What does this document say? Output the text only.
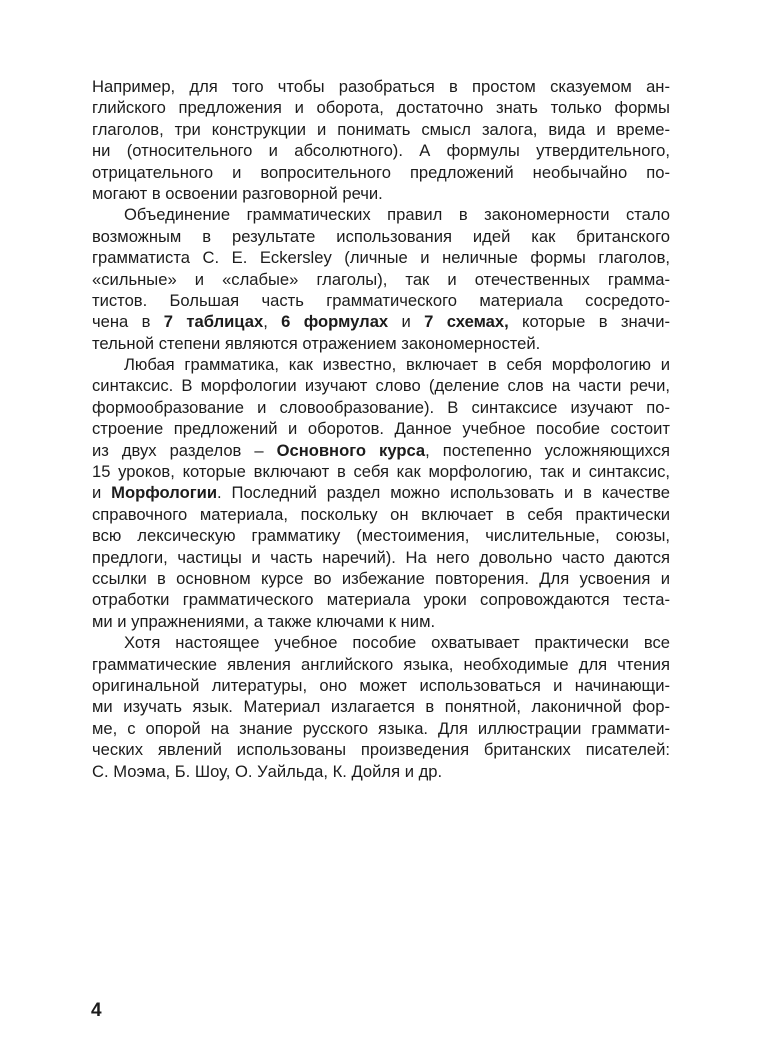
Например, для того чтобы разобраться в простом сказуемом ан-
глийского предложения и оборота, достаточно знать только формы
глаголов, три конструкции и понимать смысл залога, вида и време-
ни (относительного и абсолютного). А формулы утвердительного,
отрицательного и вопросительного предложений необычайно по-
могают в освоении разговорной речи.
Объединение грамматических правил в закономерности стало
возможным в результате использования идей как британского
грамматиста С. Е. Eckersley (личные и неличные формы глаголов,
«сильные» и «слабые» глаголы), так и отечественных грамма-
тистов. Большая часть грамматического материала сосредото-
чена в 7 таблицах, 6 формулах и 7 схемах, которые в значи-
тельной степени являются отражением закономерностей.
Любая грамматика, как известно, включает в себя морфологию и
синтаксис. В морфологии изучают слово (деление слов на части речи,
формообразование и словообразование). В синтаксисе изучают по-
строение предложений и оборотов. Данное учебное пособие состоит
из двух разделов – Основного курса, постепенно усложняющихся
15 уроков, которые включают в себя как морфологию, так и синтаксис,
и Морфологии. Последний раздел можно использовать и в качестве
справочного материала, поскольку он включает в себя практически
всю лексическую грамматику (местоимения, числительные, союзы,
предлоги, частицы и часть наречий). На него довольно часто даются
ссылки в основном курсе во избежание повторения. Для усвоения и
отработки грамматического материала уроки сопровождаются теста-
ми и упражнениями, а также ключами к ним.
Хотя настоящее учебное пособие охватывает практически все
грамматические явления английского языка, необходимые для чтения
оригинальной литературы, оно может использоваться и начинающи-
ми изучать язык. Материал излагается в понятной, лаконичной фор-
ме, с опорой на знание русского языка. Для иллюстрации граммати-
ческих явлений использованы произведения британских писателей:
С. Моэма, Б. Шоу, О. Уайльда, К. Дойля и др.
4
